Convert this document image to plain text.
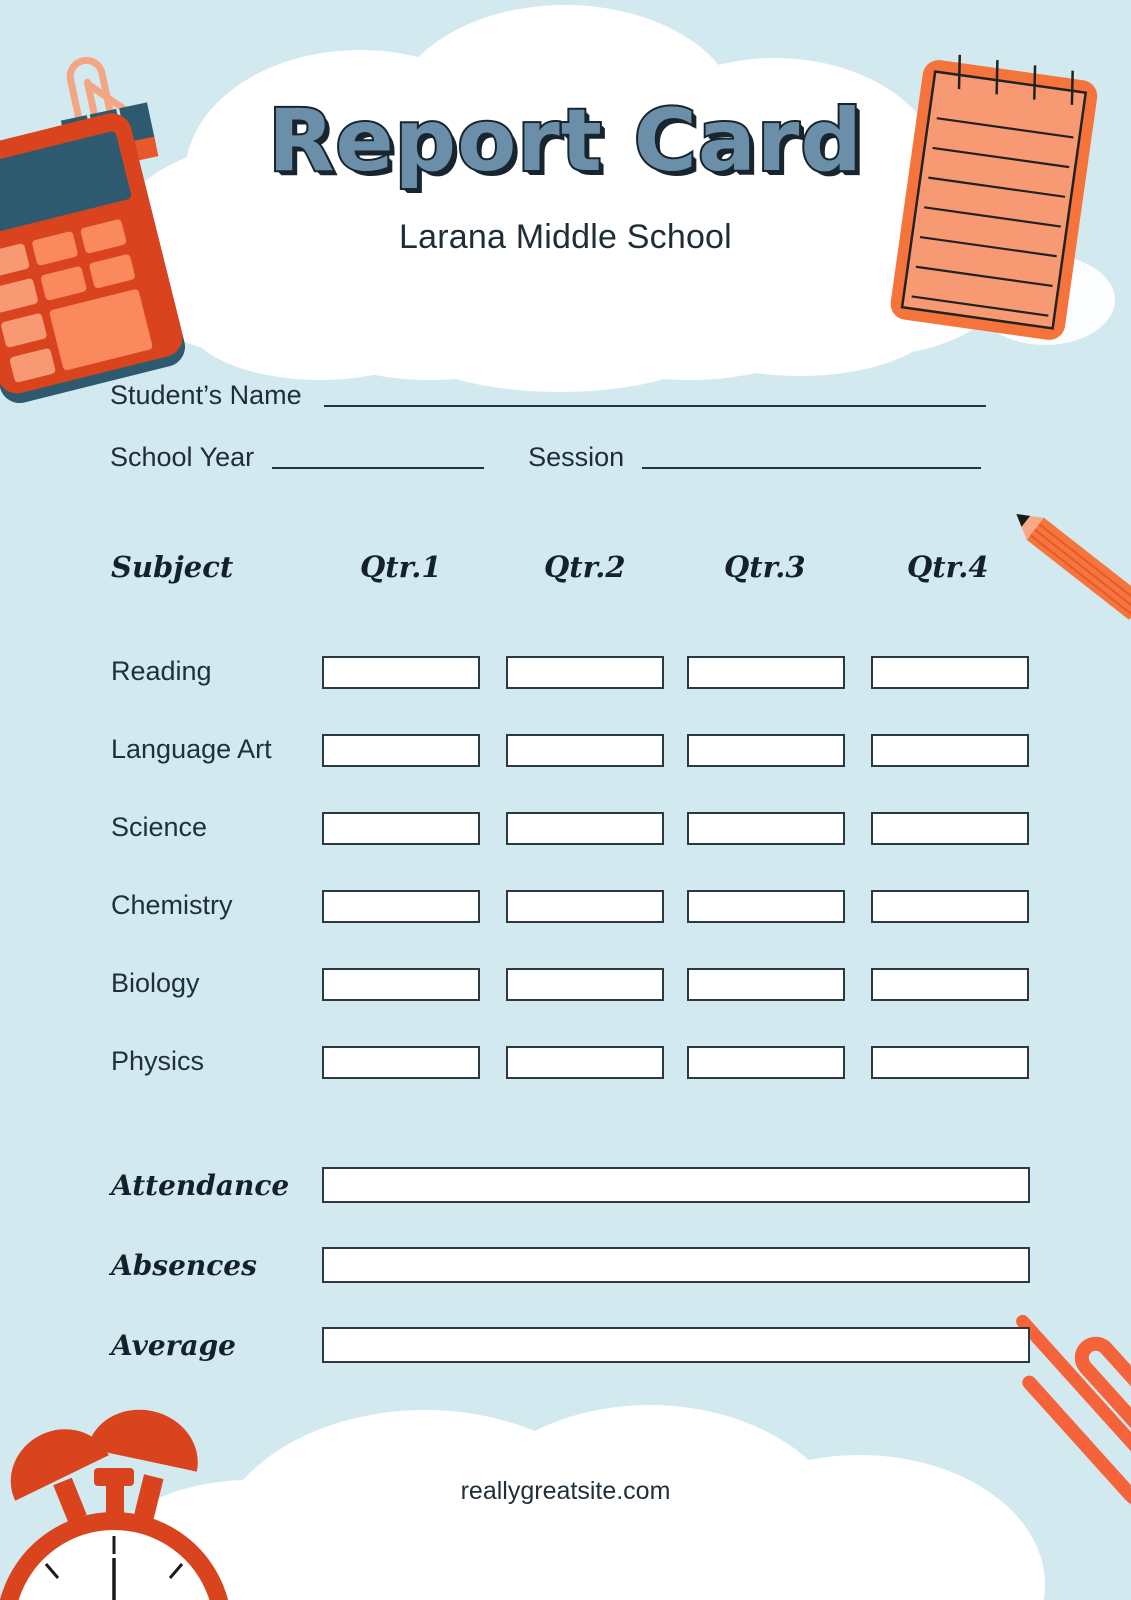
Report Card
Larana Middle School
Student’s Name
School Year	Session
Subject	Qtr.1	Qtr.2	Qtr.3	Qtr.4
Reading
Language Art
Science
Chemistry
Biology
Physics
Attendance
Absences
Average
reallygreatsite.com
